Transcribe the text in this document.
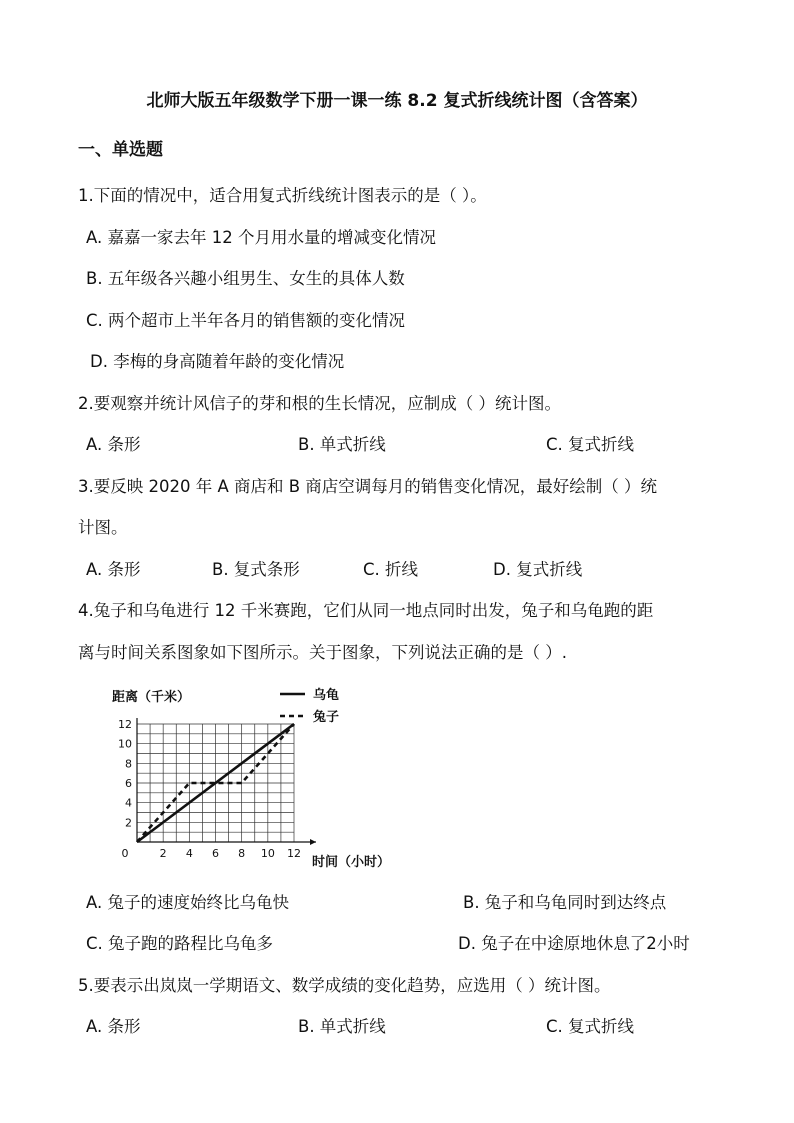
北师大版五年级数学下册一课一练 8.2 复式折线统计图（含答案）
一、单选题
1.下面的情况中，适合用复式折线统计图表示的是（ ）。
A. 嘉嘉一家去年 12 个月用水量的增减变化情况
B. 五年级各兴趣小组男生、女生的具体人数
C. 两个超市上半年各月的销售额的变化情况
D. 李梅的身高随着年龄的变化情况
2.要观察并统计风信子的芽和根的生长情况，应制成（ ）统计图。
A. 条形	B. 单式折线	C. 复式折线
3.要反映 2020 年 A 商店和 B 商店空调每月的销售变化情况，最好绘制（ ）统
计图。
A. 条形	B. 复式条形	C. 折线	D. 复式折线
4.兔子和乌龟进行 12 千米赛跑，它们从同一地点同时出发，兔子和乌龟跑的距
离与时间关系图象如下图所示。关于图象，下列说法正确的是（ ）.
2 4 6 8 10 12
2
4
6
8
10
12
0
距离（千米）
时间（小时）
乌龟
兔子
A. 兔子的速度始终比乌龟快	B. 兔子和乌龟同时到达终点
C. 兔子跑的路程比乌龟多	D. 兔子在中途原地休息了2小时
5.要表示出岚岚一学期语文、数学成绩的变化趋势，应选用（ ）统计图。
A. 条形	B. 单式折线	C. 复式折线
